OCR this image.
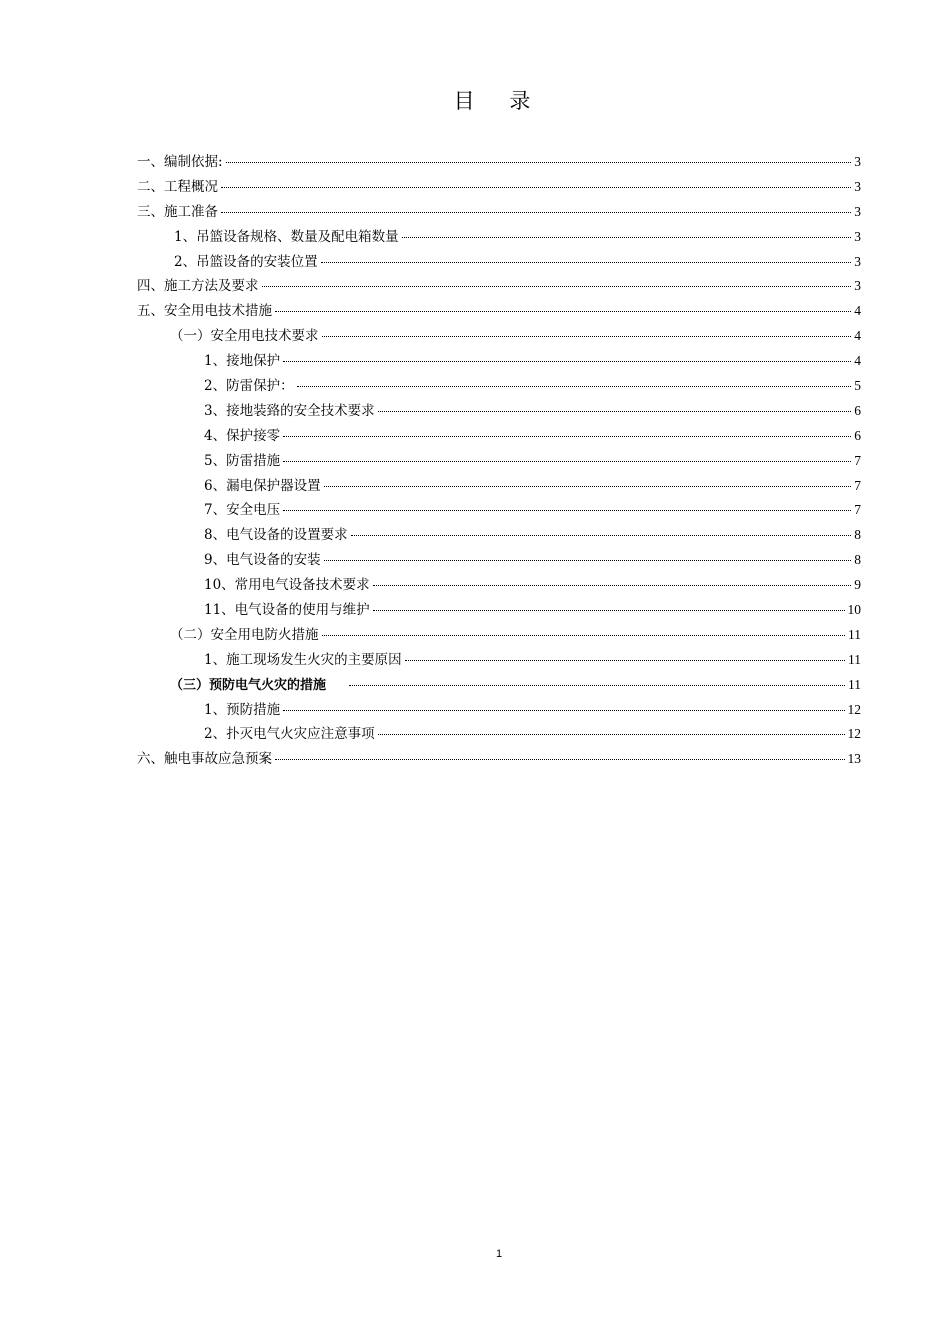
目 录
一、编制依据:	3
二、工程概况	3
三、施工准备	3
1、吊篮设备规格、数量及配电箱数量	3
2、吊篮设备的安装位置	3
四、施工方法及要求	3
五、安全用电技术措施	4
（一）安全用电技术要求	4
1、接地保护	4
2、防雷保护：	5
3、接地装臵的安全技术要求	6
4、保护接零	6
5、防雷措施	7
6、漏电保护器设置	7
7、安全电压	7
8、电气设备的设置要求	8
9、电气设备的安装	8
10、常用电气设备技术要求	9
11、电气设备的使用与维护	10
（二）安全用电防火措施	11
1、施工现场发生火灾的主要原因	11
（三）预防电气火灾的措施	11
1、预防措施	12
2、扑灭电气火灾应注意事项	12
六、触电事故应急预案	13
1
